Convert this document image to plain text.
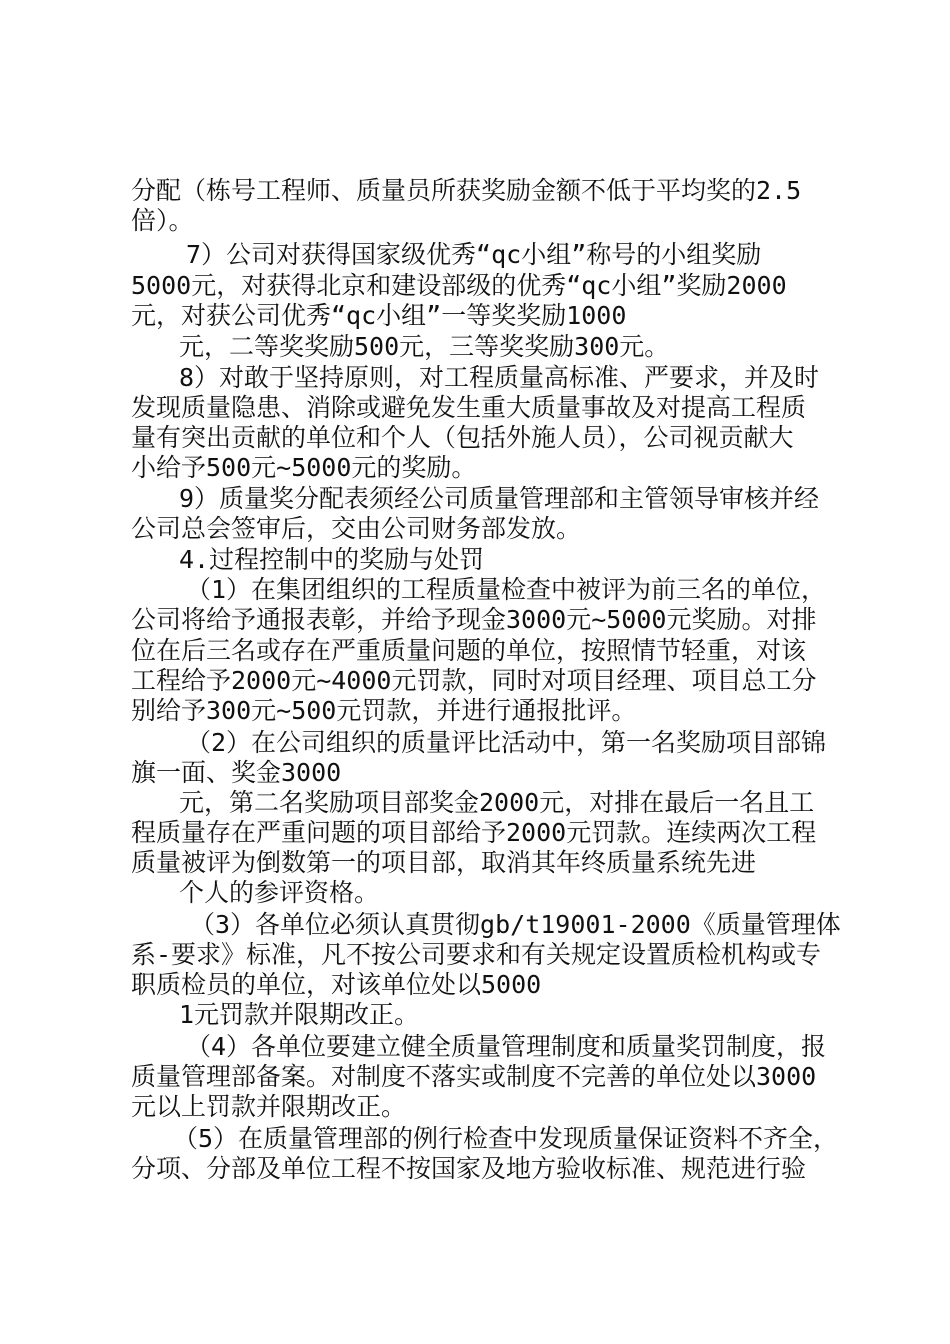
分配（栋号工程师、质量员所获奖励金额不低于平均奖的2.5
倍）。
7）公司对获得国家级优秀“qc小组”称号的小组奖励
5000元，对获得北京和建设部级的优秀“qc小组”奖励2000
元，对获公司优秀“qc小组”一等奖奖励1000
元，二等奖奖励500元，三等奖奖励300元。
8）对敢于坚持原则，对工程质量高标准、严要求，并及时
发现质量隐患、消除或避免发生重大质量事故及对提高工程质
量有突出贡献的单位和个人（包括外施人员），公司视贡献大
小给予500元~5000元的奖励。
9）质量奖分配表须经公司质量管理部和主管领导审核并经
公司总会签审后，交由公司财务部发放。
4.过程控制中的奖励与处罚
（1）在集团组织的工程质量检查中被评为前三名的单位，
公司将给予通报表彰，并给予现金3000元~5000元奖励。对排
位在后三名或存在严重质量问题的单位，按照情节轻重，对该
工程给予2000元~4000元罚款，同时对项目经理、项目总工分
别给予300元~500元罚款，并进行通报批评。
（2）在公司组织的质量评比活动中，第一名奖励项目部锦
旗一面、奖金3000
元，第二名奖励项目部奖金2000元，对排在最后一名且工
程质量存在严重问题的项目部给予2000元罚款。连续两次工程
质量被评为倒数第一的项目部，取消其年终质量系统先进
个人的参评资格。
（3）各单位必须认真贯彻gb/t19001-2000《质量管理体
系-要求》标准，凡不按公司要求和有关规定设置质检机构或专
职质检员的单位，对该单位处以5000
1元罚款并限期改正。
（4）各单位要建立健全质量管理制度和质量奖罚制度，报
质量管理部备案。对制度不落实或制度不完善的单位处以3000
元以上罚款并限期改正。
（5）在质量管理部的例行检查中发现质量保证资料不齐全，
分项、分部及单位工程不按国家及地方验收标准、规范进行验
